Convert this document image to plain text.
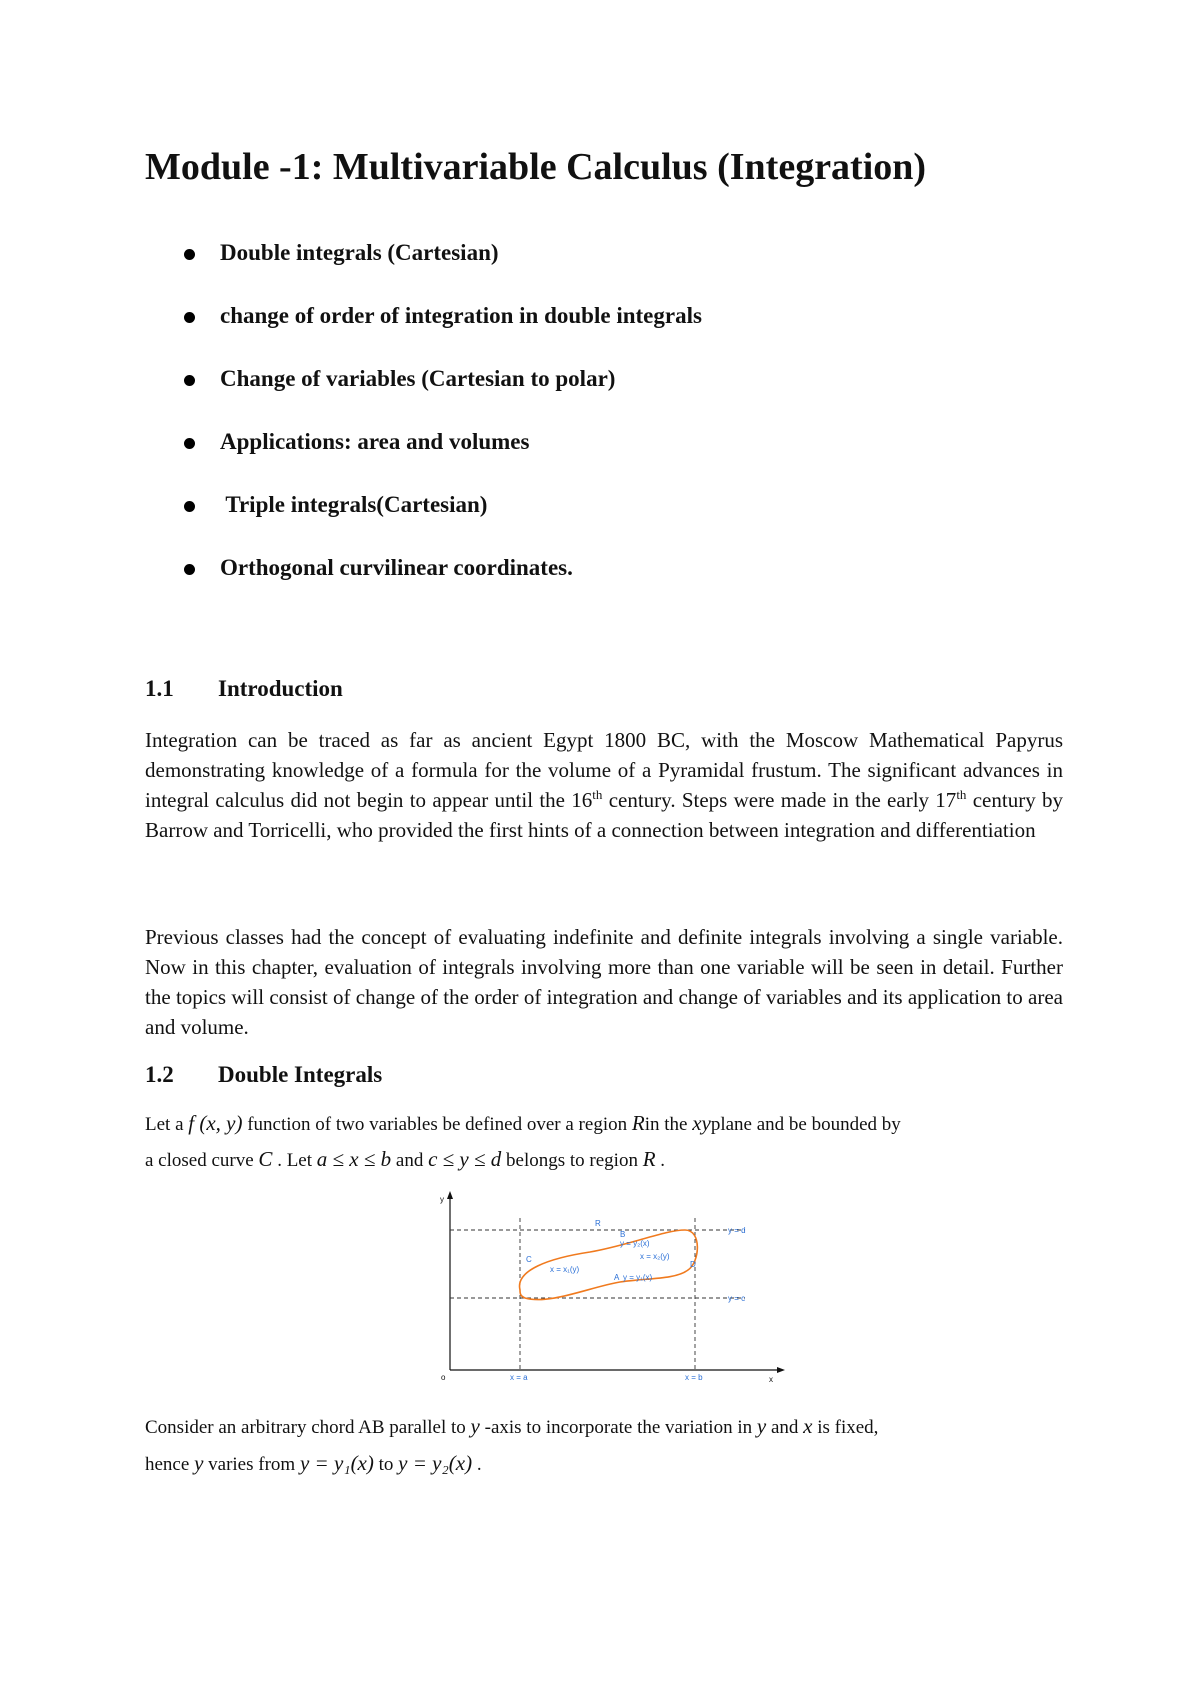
Module -1: Multivariable Calculus (Integration)
Double integrals (Cartesian)
change of order of integration in double integrals
Change of variables (Cartesian to polar)
Applications: area and volumes
Triple integrals(Cartesian)
Orthogonal curvilinear coordinates.
1.1 Introduction

Integration can be traced as far as ancient Egypt 1800 BC, with the Moscow Mathematical Papyrus demonstrating knowledge of a formula for the volume of a Pyramidal frustum. The significant advances in integral calculus did not begin to appear until the 16th century. Steps were made in the early 17th century by Barrow and Torricelli, who provided the first hints of a connection between integration and differentiation

Previous classes had the concept of evaluating indefinite and definite integrals involving a single variable. Now in this chapter, evaluation of integrals involving more than one variable will be seen in detail. Further the topics will consist of change of the order of integration and change of variables and its application to area and volume.

1.2 Double Integrals
Let a f (x, y) function of two variables be defined over a region Rin the xyplane and be bounded by
a closed curve C . Let a ≤ x ≤ b and c ≤ y ≤ d belongs to region R .
y
x
o
y = d
y = c
x = a	x = b
R
B
y = y₂(x)
x = x₂(y)
C
x = x₁(y)
D
A y = y₁(x)
Consider an arbitrary chord AB parallel to y -axis to incorporate the variation in y and x is fixed,
hence y varies from y = y₁(x) to y = y₂(x) .
